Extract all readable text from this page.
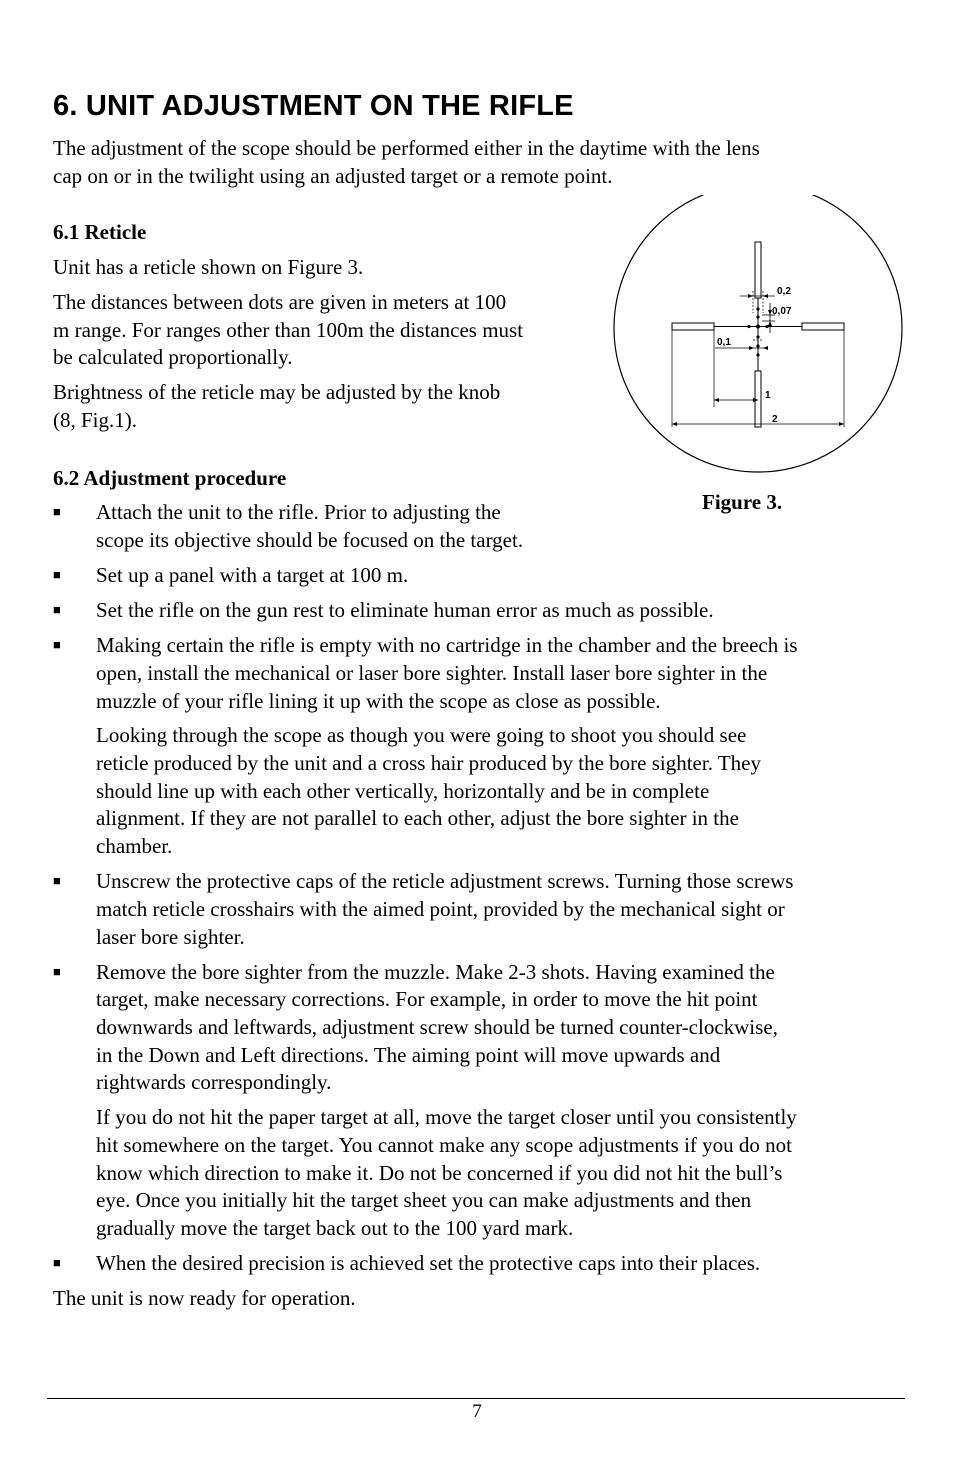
6. UNIT ADJUSTMENT ON THE RIFLE

The adjustment of the scope should be performed either in the daytime with the lens

cap on or in the twilight using an adjusted target or a remote point.

6.1 Reticle

Unit has a reticle shown on Figure 3.

The distances between dots are given in meters at 100

m range. For ranges other than 100m the distances must

be calculated proportionally.

Brightness of the reticle may be adjusted by the knob

(8, Fig.1).

0,2
0,07
0,1
1
2
Figure 3.

6.2 Adjustment procedure

■ Attach the unit to the rifle. Prior to adjusting the

scope its objective should be focused on the target.

■ Set up a panel with a target at 100 m.

■ Set the rifle on the gun rest to eliminate human error as much as possible.

■ Making certain the rifle is empty with no cartridge in the chamber and the breech is

open, install the mechanical or laser bore sighter. Install laser bore sighter in the

muzzle of your rifle lining it up with the scope as close as possible.

Looking through the scope as though you were going to shoot you should see

reticle produced by the unit and a cross hair produced by the bore sighter. They

should line up with each other vertically, horizontally and be in complete

alignment. If they are not parallel to each other, adjust the bore sighter in the

chamber.

■ Unscrew the protective caps of the reticle adjustment screws. Turning those screws

match reticle crosshairs with the aimed point, provided by the mechanical sight or

laser bore sighter.

■ Remove the bore sighter from the muzzle. Make 2-3 shots. Having examined the

target, make necessary corrections. For example, in order to move the hit point

downwards and leftwards, adjustment screw should be turned counter-clockwise,

in the Down and Left directions. The aiming point will move upwards and

rightwards correspondingly.

If you do not hit the paper target at all, move the target closer until you consistently

hit somewhere on the target. You cannot make any scope adjustments if you do not

know which direction to make it. Do not be concerned if you did not hit the bull’s

eye. Once you initially hit the target sheet you can make adjustments and then

gradually move the target back out to the 100 yard mark.

■ When the desired precision is achieved set the protective caps into their places.

The unit is now ready for operation.

7
